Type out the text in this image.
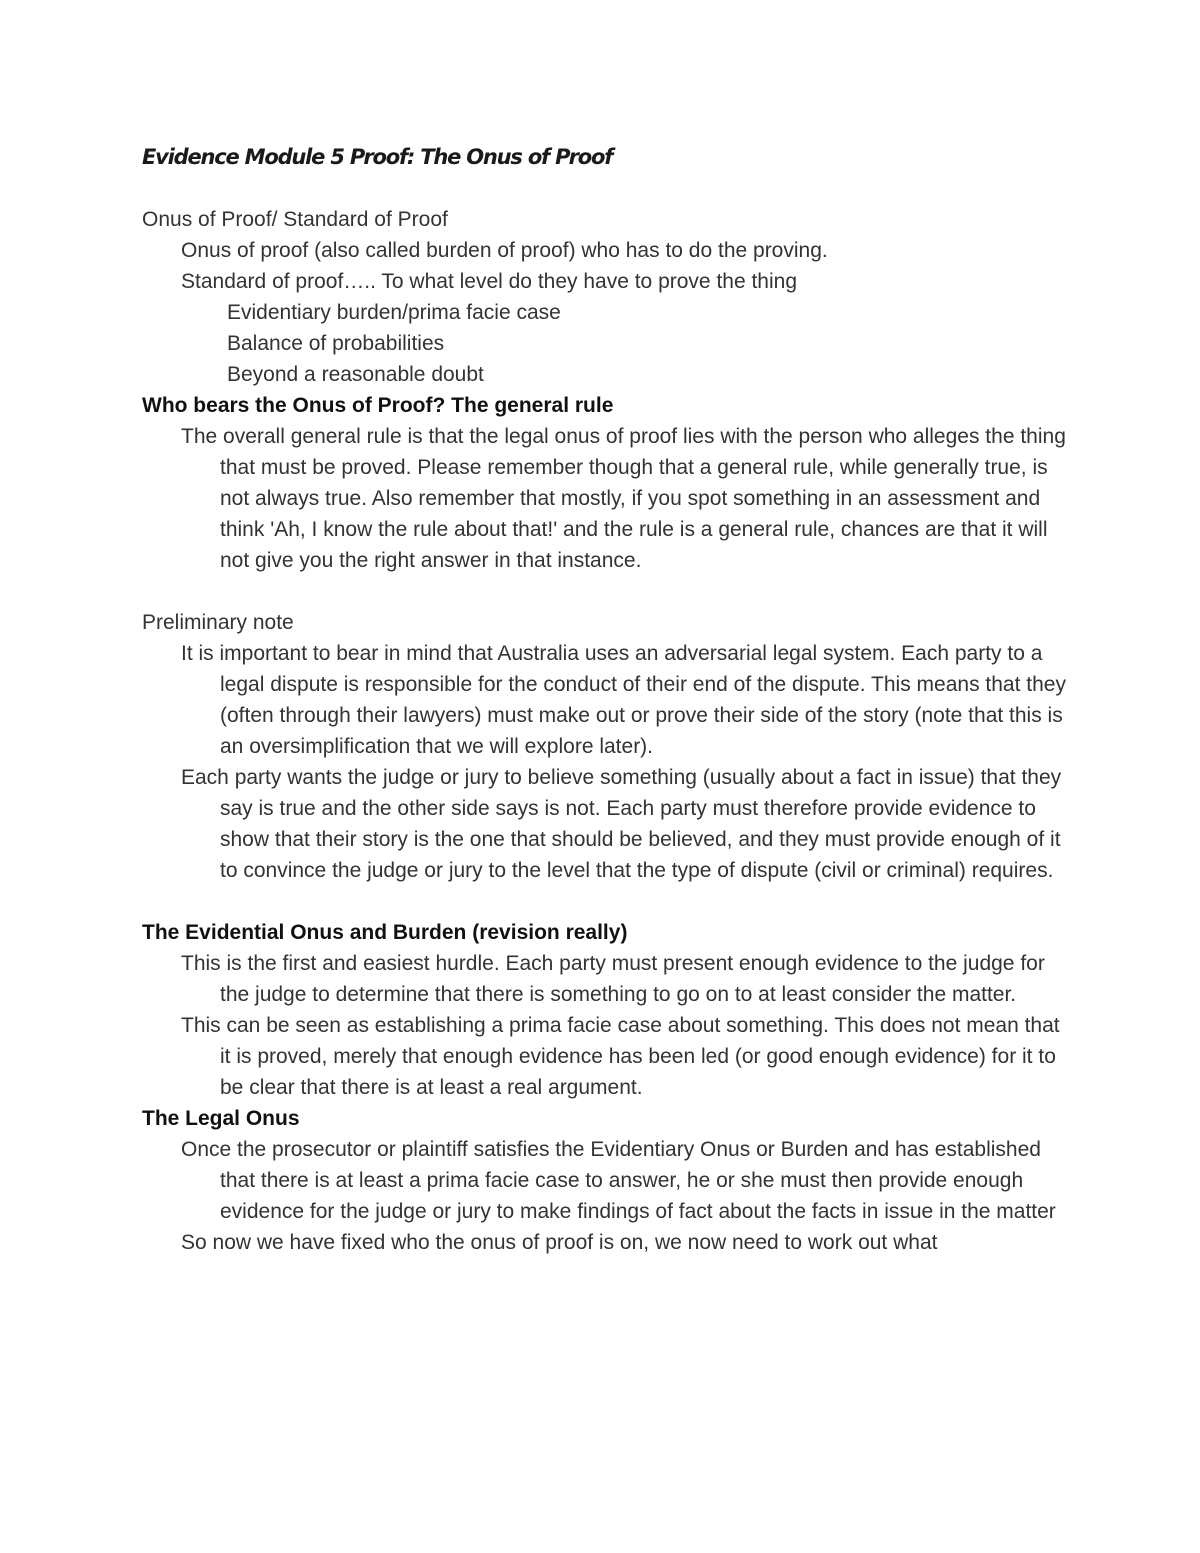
Evidence Module 5 Proof: The Onus of Proof
Onus of Proof/ Standard of Proof
Onus of proof (also called burden of proof) who has to do the proving.
Standard of proof….. To what level do they have to prove the thing
Evidentiary burden/prima facie case
Balance of probabilities
Beyond a reasonable doubt
Who bears the Onus of Proof? The general rule
The overall general rule is that the legal onus of proof lies with the person who alleges the thing that must be proved. Please remember though that a general rule, while generally true, is not always true. Also remember that mostly, if you spot something in an assessment and think 'Ah, I know the rule about that!' and the rule is a general rule, chances are that it will not give you the right answer in that instance.
Preliminary note
It is important to bear in mind that Australia uses an adversarial legal system. Each party to a legal dispute is responsible for the conduct of their end of the dispute. This means that they (often through their lawyers) must make out or prove their side of the story (note that this is an oversimplification that we will explore later).
Each party wants the judge or jury to believe something (usually about a fact in issue) that they say is true and the other side says is not. Each party must therefore provide evidence to show that their story is the one that should be believed, and they must provide enough of it to convince the judge or jury to the level that the type of dispute (civil or criminal) requires.
The Evidential Onus and Burden (revision really)
This is the first and easiest hurdle. Each party must present enough evidence to the judge for the judge to determine that there is something to go on to at least consider the matter.
This can be seen as establishing a prima facie case about something. This does not mean that it is proved, merely that enough evidence has been led (or good enough evidence) for it to be clear that there is at least a real argument.
The Legal Onus
Once the prosecutor or plaintiff satisfies the Evidentiary Onus or Burden and has established that there is at least a prima facie case to answer, he or she must then provide enough evidence for the judge or jury to make findings of fact about the facts in issue in the matter
So now we have fixed who the onus of proof is on, we now need to work out what
